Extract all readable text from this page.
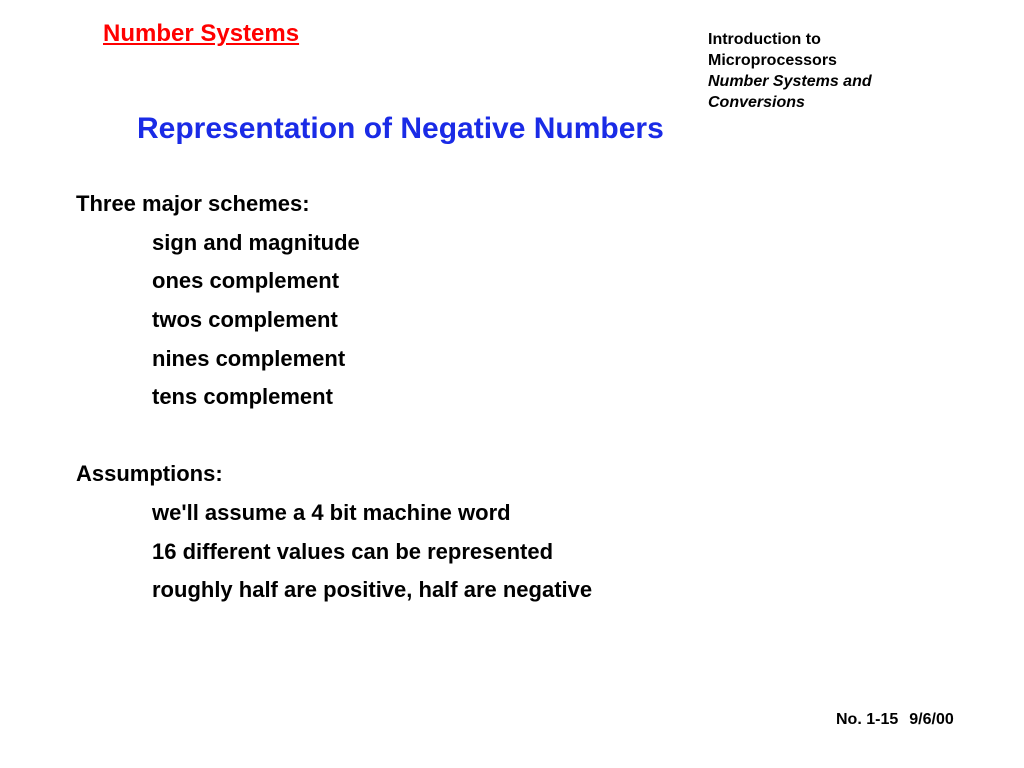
Number Systems	Introduction to
Microprocessors
Number Systems and
Conversions
Representation of Negative Numbers
Three major schemes:
sign and magnitude
ones complement
twos complement
nines complement
tens complement
Assumptions:
we'll assume a 4 bit machine word
16 different values can be represented
roughly half are positive, half are negative
No. 1-15 9/6/00
